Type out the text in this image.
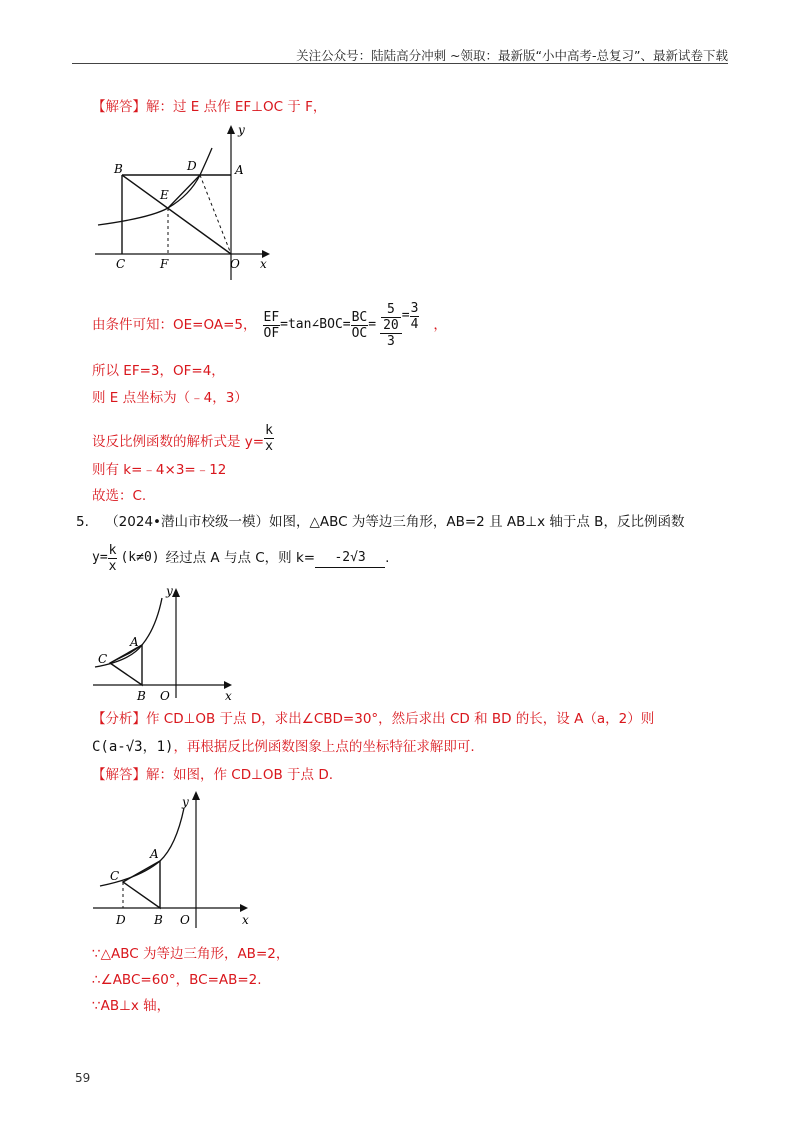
关注公众号：陆陆高分冲刺 ~领取：最新版“小中高考-总复习”、最新试卷下载
【解答】解：过 E 点作 EF⊥OC 于 F，
B	D	A
E
C	F	O x
y
由条件可知：OE=OA=5， $\frac{EF}{OF}$ =tan∠BOC= $\frac{BC}{OC} = \frac{\frac{5}{20}}{3} = \frac{3}{4}$ ，
所以 EF=3，OF=4，
则 E 点坐标为（﹣4，3）
设反比例函数的解析式是 $y= \frac{k}{x}$
则有 k=﹣4×3=﹣12
故选：C.
5. （2024•潜山市校级一模）如图，△ABC 为等边三角形，AB=2 且 AB⊥x 轴于点 B，反比例函数
$y= \frac{k}{x} (k\ne 0)$ 经过点 A 与点 C，则 k=	-2√3	.
A
C
B O	x
y
【分析】作 CD⊥OB 于点 D，求出∠CBD=30°，然后求出 CD 和 BD 的长，设 A（a，2）则
C(a-√3，1)，再根据反比例函数图象上点的坐标特征求解即可.
【解答】解：如图，作 CD⊥OB 于点 D.
A
C
D B O	x
y
∵△ABC 为等边三角形，AB=2，
∴∠ABC=60°，BC=AB=2.
∵AB⊥x 轴，
59
